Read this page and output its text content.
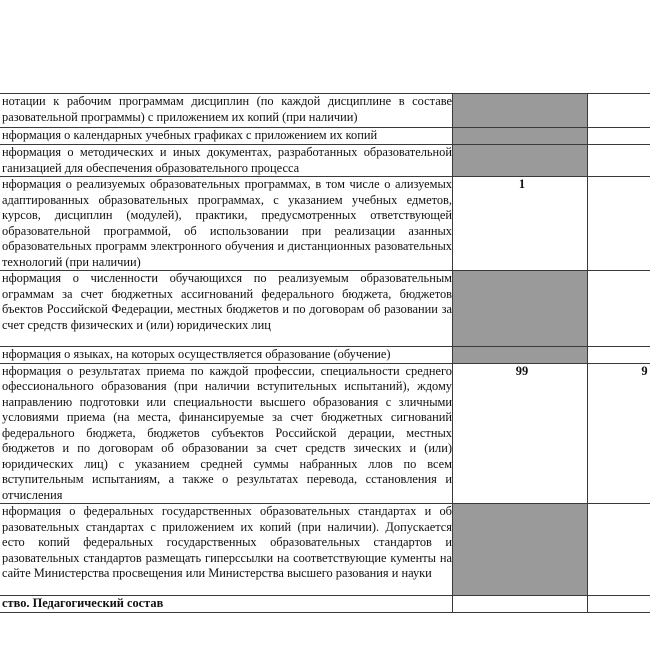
нотации к рабочим программам дисциплин (по каждой дисциплине в составе разовательной программы) с приложением их копий (при наличии)		
нформация о календарных учебных графиках с приложением их копий		
нформация о методических и иных документах, разработанных образовательной ганизацией для обеспечения образовательного процесса		
нформация о реализуемых образовательных программах, в том числе о ализуемых адаптированных образовательных программах, с указанием учебных едметов, курсов, дисциплин (модулей), практики, предусмотренных ответствующей образовательной программой, об использовании при реализации азанных образовательных программ электронного обучения и дистанционных разовательных технологий (при наличии)	1	
нформация о численности обучающихся по реализуемым образовательным ограммам за счет бюджетных ассигнований федерального бюджета, бюджетов бъектов Российской Федерации, местных бюджетов и по договорам об разовании за счет средств физических и (или) юридических лиц		
нформация о языках, на которых осуществляется образование (обучение)		
нформация о результатах приема по каждой профессии, специальности среднего офессионального образования (при наличии вступительных испытаний), ждому направлению подготовки или специальности высшего образования с зличными условиями приема (на места, финансируемые за счет бюджетных сигнований федерального бюджета, бюджетов субъектов Российской дерации, местных бюджетов и по договорам об образовании за счет средств зических и (или) юридических лиц) с указанием средней суммы набранных ллов по всем вступительным испытаниям, а также о результатах перевода, сстановления и отчисления	99	9
нформация о федеральных государственных образовательных стандартах и об разовательных стандартах с приложением их копий (при наличии). Допускается есто копий федеральных государственных образовательных стандартов и разовательных стандартов размещать гиперссылки на соответствующие кументы на сайте Министерства просвещения или Министерства высшего разования и науки		
ство. Педагогический состав		
